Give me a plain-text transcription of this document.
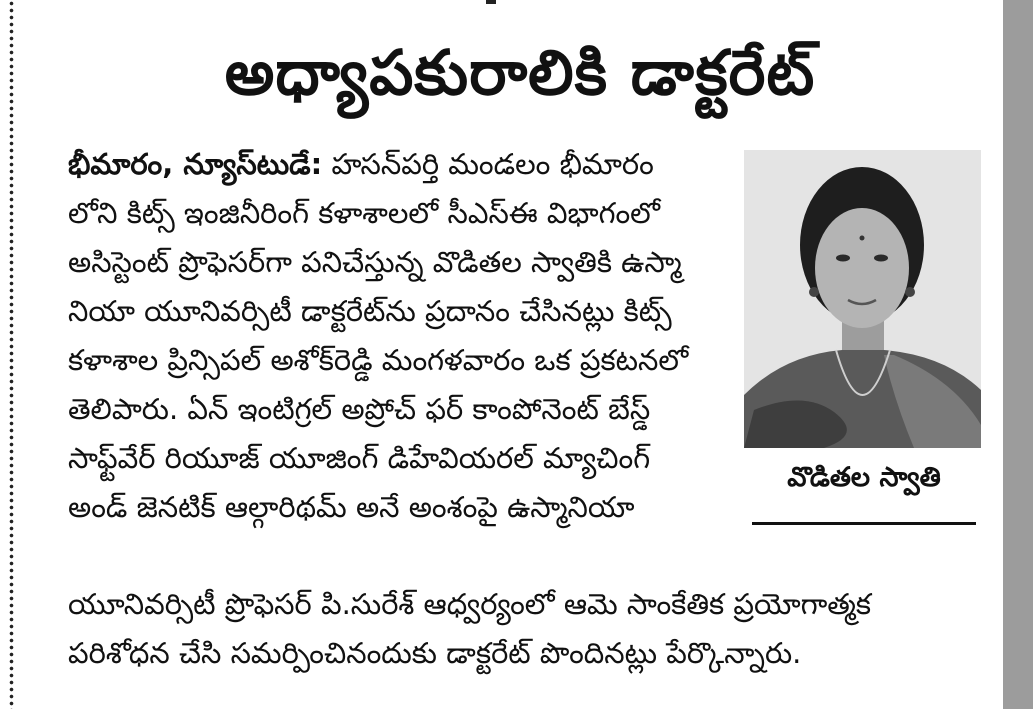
అధ్యాపకురాలికి డాక్టరేట్‌
భీమారం, న్యూస్‌టుడే: హసన్‌పర్తి మండలం భీమారం
లోని కిట్స్‌ ఇంజినీరింగ్‌ కళాశాలలో సీఎస్‌ఈ విభాగంలో
అసిస్టెంట్‌ ప్రొఫెసర్‌గా పనిచేస్తున్న వొడితల స్వాతికి ఉస్మా
నియా యూనివర్సిటీ డాక్టరేట్‌ను ప్రదానం చేసినట్లు కిట్స్‌
కళాశాల ప్రిన్సిపల్‌ అశోక్‌రెడ్డి మంగళవారం ఒక ప్రకటనలో
తెలిపారు. ఏన్‌ ఇంటిగ్రల్‌ అప్రోచ్‌ ఫర్‌ కాంపోనెంట్‌ బేస్డ్‌
సాఫ్ట్‌వేర్‌ రియూజ్‌ యూజింగ్‌ డిహేవియరల్‌ మ్యాచింగ్‌
అండ్‌ జెనటిక్‌ ఆల్గారిథమ్‌ అనే అంశంపై ఉస్మానియా
యూనివర్సిటీ ప్రొఫెసర్‌ పి.సురేశ్‌ ఆధ్వర్యంలో ఆమె సాంకేతిక ప్రయోగాత్మక
పరిశోధన చేసి సమర్పించినందుకు డాక్టరేట్‌ పొందినట్లు పేర్కొన్నారు.
వొడితల స్వాతి
